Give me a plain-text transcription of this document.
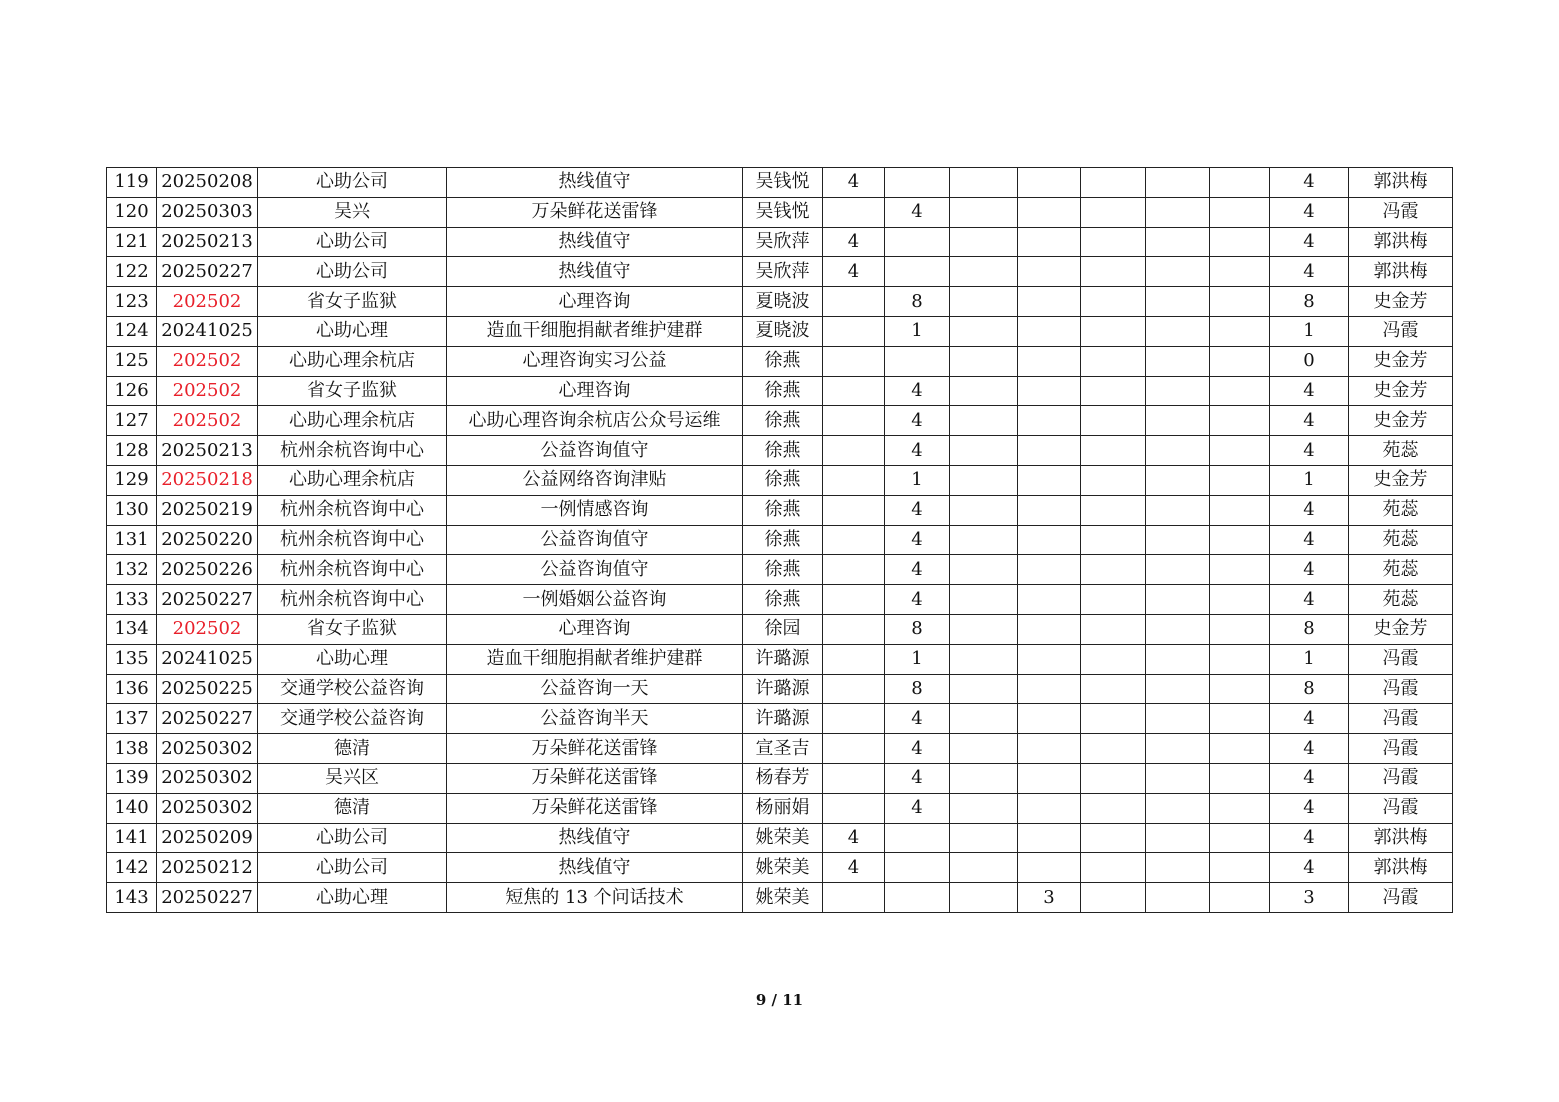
119	20250208	心助公司	热线值守	吴钱悦	4							4	郭洪梅
120	20250303	吴兴	万朵鲜花送雷锋	吴钱悦		4						4	冯霞
121	20250213	心助公司	热线值守	吴欣萍	4							4	郭洪梅
122	20250227	心助公司	热线值守	吴欣萍	4							4	郭洪梅
123	202502	省女子监狱	心理咨询	夏晓波		8						8	史金芳
124	20241025	心助心理	造血干细胞捐献者维护建群	夏晓波		1						1	冯霞
125	202502	心助心理余杭店	心理咨询实习公益	徐燕								0	史金芳
126	202502	省女子监狱	心理咨询	徐燕		4						4	史金芳
127	202502	心助心理余杭店	心助心理咨询余杭店公众号运维	徐燕		4						4	史金芳
128	20250213	杭州余杭咨询中心	公益咨询值守	徐燕		4						4	苑蕊
129	20250218	心助心理余杭店	公益网络咨询津贴	徐燕		1						1	史金芳
130	20250219	杭州余杭咨询中心	一例情感咨询	徐燕		4						4	苑蕊
131	20250220	杭州余杭咨询中心	公益咨询值守	徐燕		4						4	苑蕊
132	20250226	杭州余杭咨询中心	公益咨询值守	徐燕		4						4	苑蕊
133	20250227	杭州余杭咨询中心	一例婚姻公益咨询	徐燕		4						4	苑蕊
134	202502	省女子监狱	心理咨询	徐园		8						8	史金芳
135	20241025	心助心理	造血干细胞捐献者维护建群	许璐源		1						1	冯霞
136	20250225	交通学校公益咨询	公益咨询一天	许璐源		8						8	冯霞
137	20250227	交通学校公益咨询	公益咨询半天	许璐源		4						4	冯霞
138	20250302	德清	万朵鲜花送雷锋	宣圣吉		4						4	冯霞
139	20250302	吴兴区	万朵鲜花送雷锋	杨春芳		4						4	冯霞
140	20250302	德清	万朵鲜花送雷锋	杨丽娟		4						4	冯霞
141	20250209	心助公司	热线值守	姚荣美	4							4	郭洪梅
142	20250212	心助公司	热线值守	姚荣美	4							4	郭洪梅
143	20250227	心助心理	短焦的 13 个问话技术	姚荣美				3				3	冯霞
9 / 11
